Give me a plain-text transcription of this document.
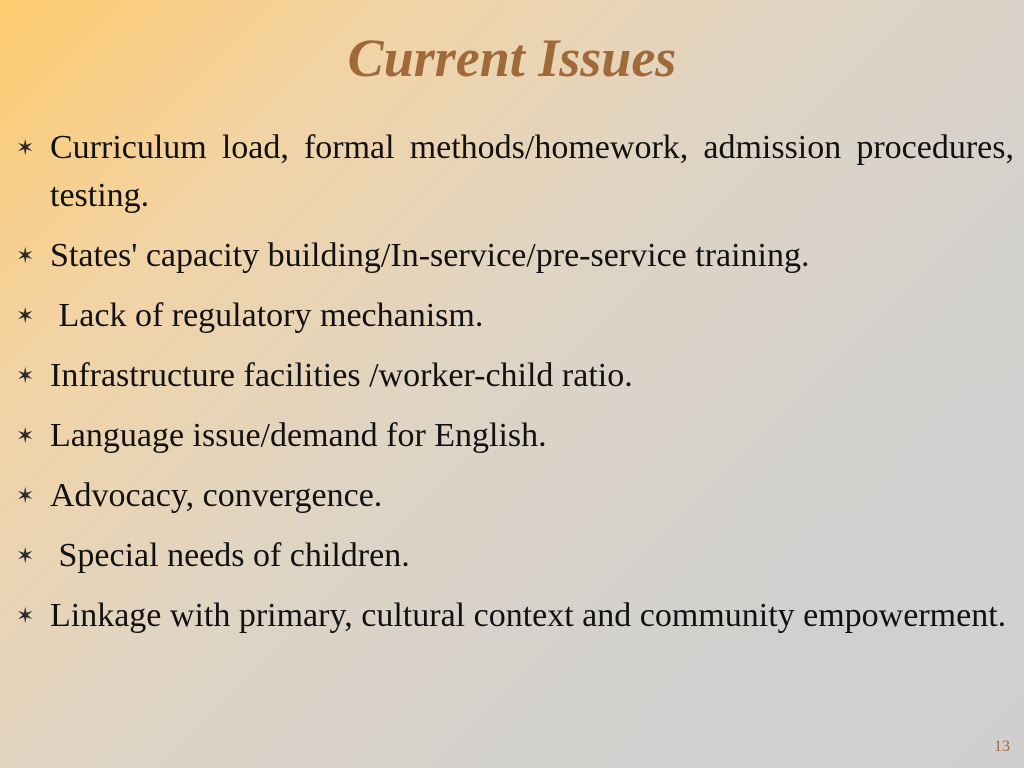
Current Issues
✶ Curriculum load, formal methods/homework, admission procedures, testing.
✶ States' capacity building/In-service/pre-service training.
✶ Lack of regulatory mechanism.
✶ Infrastructure facilities /worker-child ratio.
✶ Language issue/demand for English.
✶ Advocacy, convergence.
✶ Special needs of children.
✶ Linkage with primary, cultural context and community empowerment.
13
